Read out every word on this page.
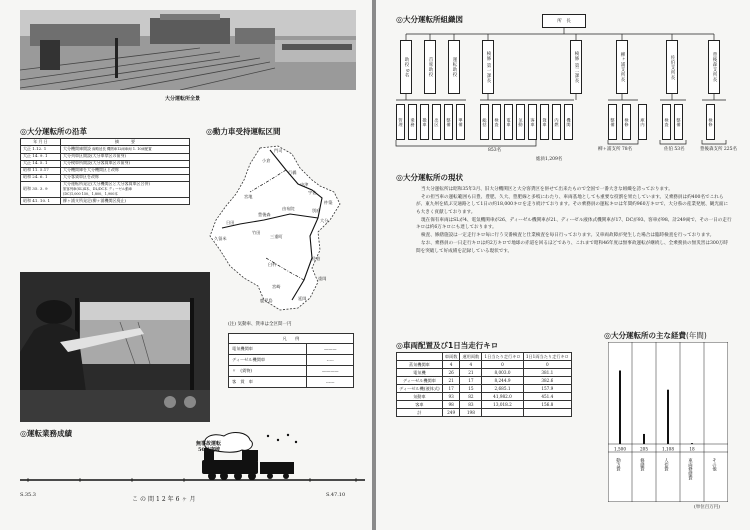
大分運転所全景
◎大分運転所の沿革
年 月 日	摘　　　要
大正 1.12. 1	大分機関庫開設 線路延長 機関車12両車両 1. 10両配置
大正 14. 9. 1	大分列車区開設(大分車掌区の前身)
大正 14. 5. 1	大分検車所開設(大分客貨車区の前身)
昭和 11. 5.17	大分機関庫を大分機関区と改称
昭和 24. 6. 1	大分客貨車区を改称
昭和 35. 3. 9	大分運転所発足(大分機関区と大分客貨車区合併)
旅客列車(SL)4本、DL/DC本 ディーゼル動車
(DC)1,000 150、1,800、1,900本
昭和 41. 10. 1	柳ヶ浦支所発足(柳ヶ浦機関区廃止)
◎動力車受持運転区間
門司
小倉
行橋
中津
宇佐
杵築
別府
大分
佐伯
延岡
日田
久留米
豊後森
由布院
三重町
竹田
臼杵
宮地
重岡
宮崎
鹿児島
(注) 気動車、貨車は全区間一円
凡　　例	
電気機関車	———
ディーゼル機関車	-·-·-
〃　(貨物)	————
客　貨　車	------
◎運転業務成績
無事故運転
50日突破
S.35.3
この間12年6ヶ月
S.47.10
◎大分運転所組織図	所　長
助役 9名	首席助役	運転助役	検修 第一課長	検修 第二課長	柳ヶ浦支所長	佐伯支所長	豊後森支所長
管理	乗務	操車	出区	整備	準備	総括	検査	電車	気動	客車	貨車	内燃	機関	整備	検修	庫内	検査	整備	検修
853名
総員1,209名
柳ヶ浦支所 78名	佐伯 53名	豊後森支所 225名
◎大分運転所の現状

当大分運転所は昭和35年3月、旧大分機関区と大分客貨区を併せて出来たもので全国で一番大きな組織を誇っております。

その担当車の運転範囲も日豊、豊肥、久大、豊肥線と多岐にわたり、車両基地としても重要な役割を果たしています。又乗務員は約400名でこれらが、東九州を結ぶ交通路として1日の約18,000キロを走り続けております。その乗務員の運転キロは年間約960万キロで、大分県の産業発展、観光面にも大きく貢献しております。

現在保有車両はSLが4、電気機関車が26、ディーゼル機関車が21、ディーゼル液体式機関車が17、DCが93、客車が98、計249両で、その一日の走行キロは約6万キロにも達しております。

検査、修繕施設は一定走行キロ毎に行う交番検査と仕業検査を毎日行っております。又車両故障が発生した場合は臨時検査を行っております。

なお、乗務員の一日走行キロは約2万キロで地球の赤道を回るほどであり、これまで昭和46年度は無事故運転が継続し、全乗務員の無災害は300万時間を突破して好成績を記録している現状です。

◎車両配置及び1日当走行キロ
	車両数	運用両数	1日当たり走行キロ	1日1両当たり走行キロ
蒸気機関車	4	4	0	0
電気機	26	21	8,003.0	381.1
ディーゼル機関車	21	17	8,244.9	382.6
ディーゼル機(液体式)	17	15	2,685.1	157.9
気動車	93	82	41,982.0	451.4
客車	98	83	13,018.2	156.8
計	249	198		
◎大分運転所の主な経費(年間)
1,500	205	1,108	18
動力費	修繕費	人件費	車両修繕費	その他
(単位百万円)
